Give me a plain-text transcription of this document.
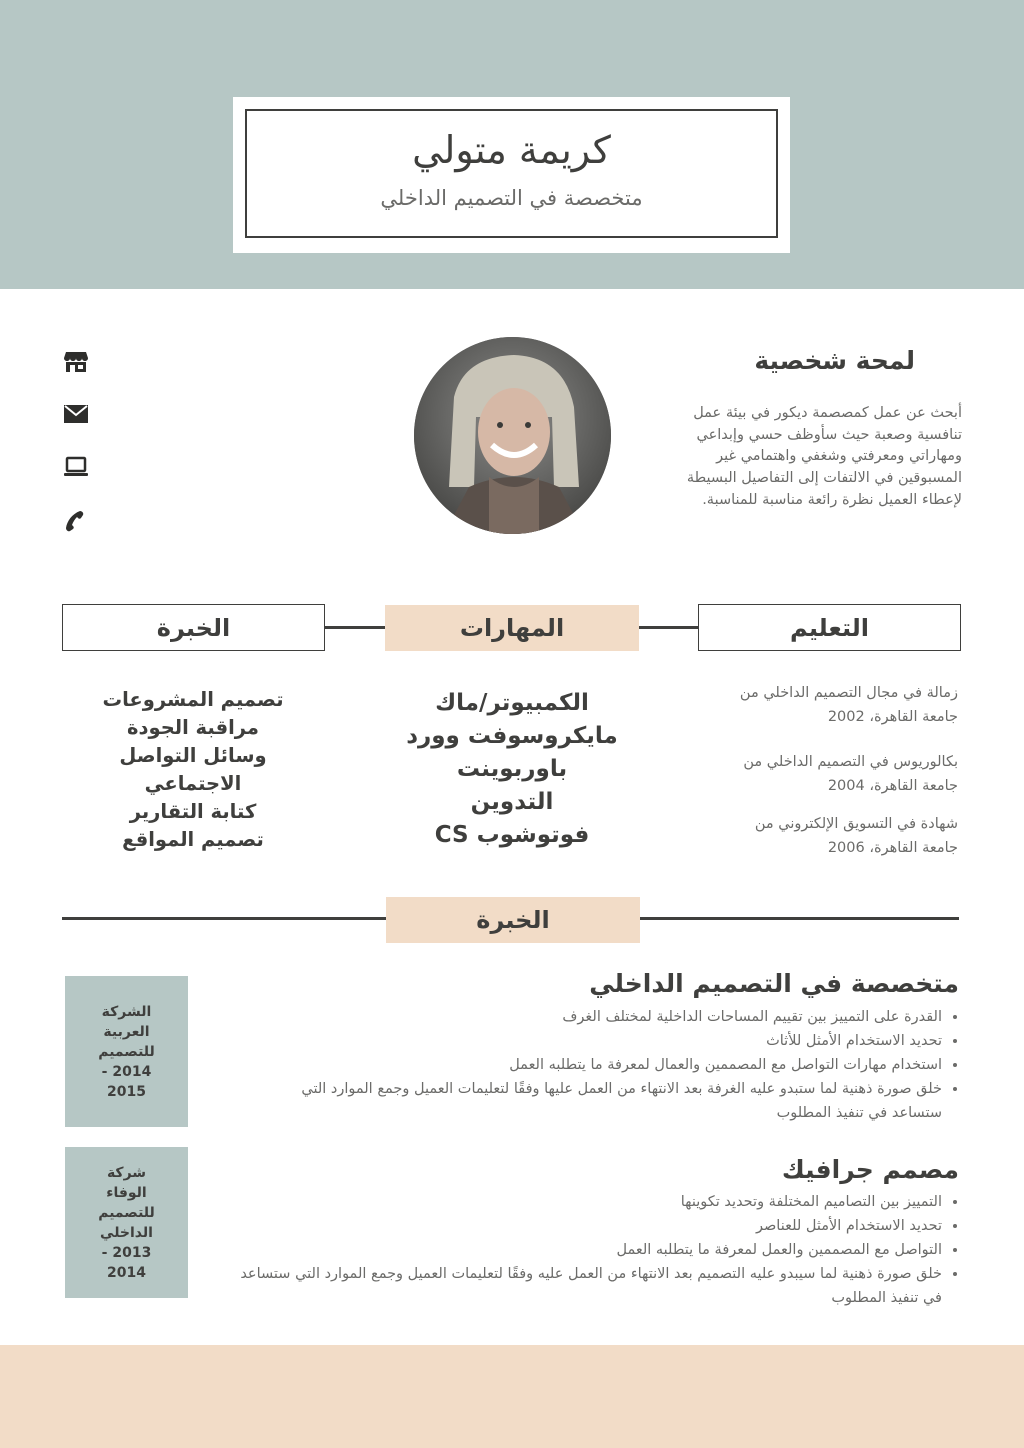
كريمة متولي
متخصصة في التصميم الداخلي
لمحة شخصية
أبحث عن عمل كمصصمة ديكور في بيئة عمل تنافسية وصعبة حيث سأوظف حسي وإبداعي ومهاراتي ومعرفتي وشغفي واهتمامي غير المسبوقين في الالتفات إلى التفاصيل البسيطة لإعطاء العميل نظرة رائعة مناسبة للمناسبة.
الخبرة	المهارات	التعليم
زمالة في مجال التصميم الداخلي من
جامعة القاهرة، 2002
بكالوريوس في التصميم الداخلي من
جامعة القاهرة، 2004
شهادة في التسويق الإلكتروني من
جامعة القاهرة، 2006
الكمبيوتر/ماك
مايكروسوفت وورد
باوربوينت
التدوين
فوتوشوب CS
تصميم المشروعات
مراقبة الجودة
وسائل التواصل
الاجتماعي
كتابة التقارير
تصميم المواقع
الخبرة
متخصصة في التصميم الداخلي
• القدرة على التمييز بين تقييم المساحات الداخلية لمختلف الغرف
• تحديد الاستخدام الأمثل للأثاث
• استخدام مهارات التواصل مع المصممين والعمال لمعرفة ما يتطلبه العمل
• خلق صورة ذهنية لما ستبدو عليه الغرفة بعد الانتهاء من العمل عليها وفقًا لتعليمات العميل وجمع الموارد التي ستساعد في تنفيذ المطلوب
الشركة
العربية
للتصميم
2014 -
2015
مصمم جرافيك
• التمييز بين التصاميم المختلفة وتحديد تكوينها
• تحديد الاستخدام الأمثل للعناصر
• التواصل مع المصممين والعمل لمعرفة ما يتطلبه العمل
• خلق صورة ذهنية لما سيبدو عليه التصميم بعد الانتهاء من العمل عليه وفقًا لتعليمات العميل وجمع الموارد التي ستساعد في تنفيذ المطلوب
شركة
الوفاء
للتصميم
الداخلي
2013 -
2014
